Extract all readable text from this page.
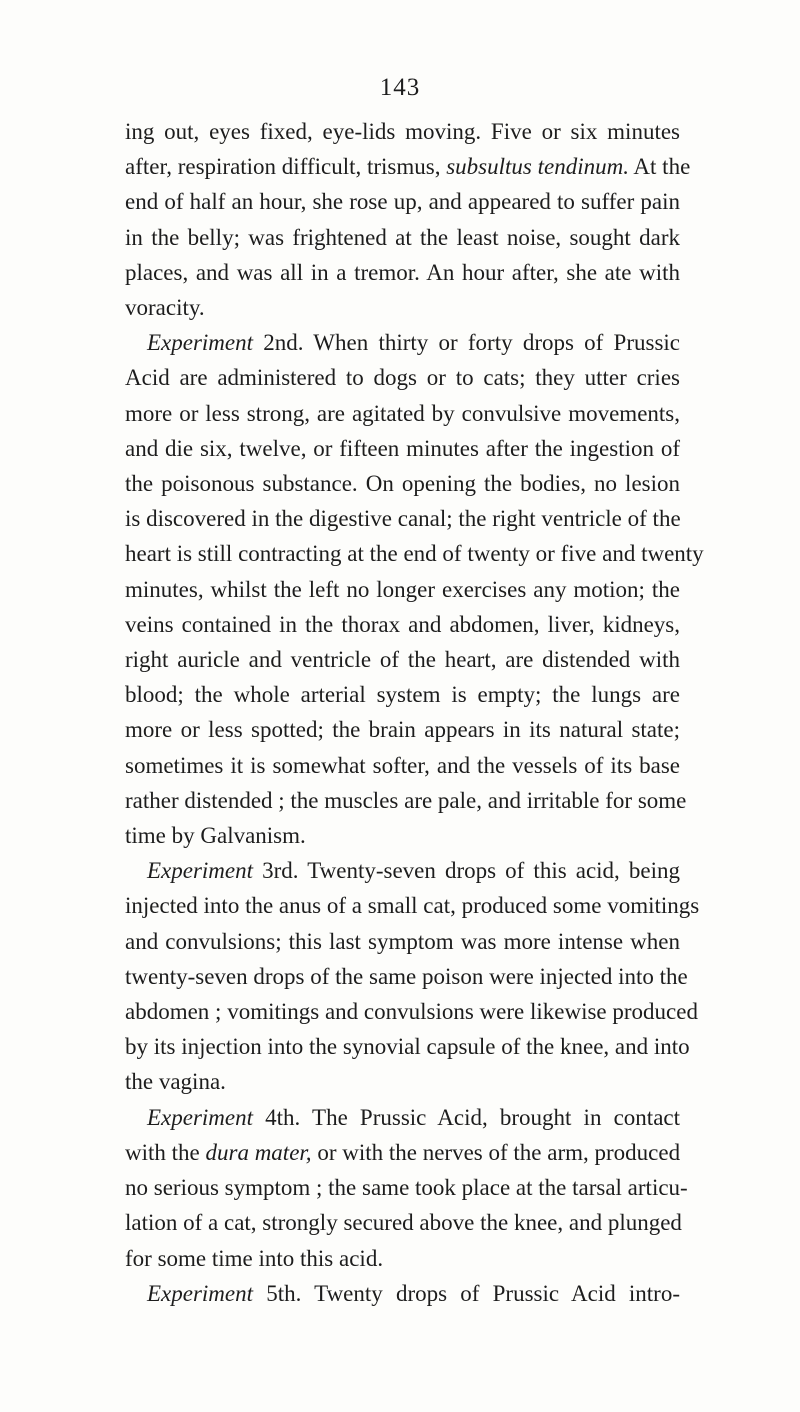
143
ing out, eyes fixed, eye-lids moving. Five or six minutes
after, respiration difficult, trismus, subsultus tendinum. At the
end of half an hour, she rose up, and appeared to suffer pain
in the belly; was frightened at the least noise, sought dark
places, and was all in a tremor. An hour after, she ate with
voracity.
Experiment 2nd. When thirty or forty drops of Prussic
Acid are administered to dogs or to cats; they utter cries
more or less strong, are agitated by convulsive movements,
and die six, twelve, or fifteen minutes after the ingestion of
the poisonous substance. On opening the bodies, no lesion
is discovered in the digestive canal; the right ventricle of the
heart is still contracting at the end of twenty or five and twenty
minutes, whilst the left no longer exercises any motion; the
veins contained in the thorax and abdomen, liver, kidneys,
right auricle and ventricle of the heart, are distended with
blood; the whole arterial system is empty; the lungs are
more or less spotted; the brain appears in its natural state;
sometimes it is somewhat softer, and the vessels of its base
rather distended ; the muscles are pale, and irritable for some
time by Galvanism.
Experiment 3rd. Twenty-seven drops of this acid, being
injected into the anus of a small cat, produced some vomitings
and convulsions; this last symptom was more intense when
twenty-seven drops of the same poison were injected into the
abdomen ; vomitings and convulsions were likewise produced
by its injection into the synovial capsule of the knee, and into
the vagina.
Experiment 4th. The Prussic Acid, brought in contact
with the dura mater, or with the nerves of the arm, produced
no serious symptom ; the same took place at the tarsal articu-
lation of a cat, strongly secured above the knee, and plunged
for some time into this acid.
Experiment 5th. Twenty drops of Prussic Acid intro-
